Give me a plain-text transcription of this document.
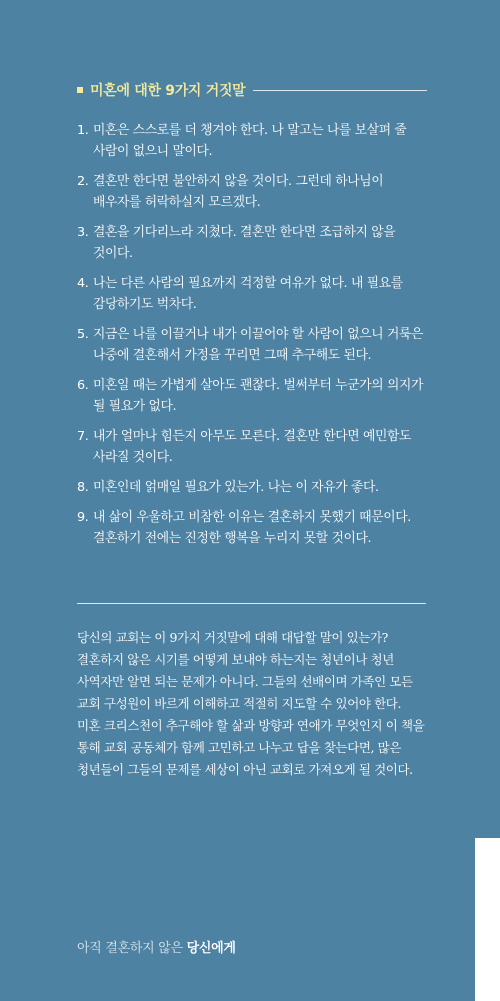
미혼에 대한 9가지 거짓말
1. 미혼은 스스로를 더 챙겨야 한다. 나 말고는 나를 보살펴 줄 사람이 없으니 말이다.
2. 결혼만 한다면 불안하지 않을 것이다. 그런데 하나님이 배우자를 허락하실지 모르겠다.
3. 결혼을 기다리느라 지쳤다. 결혼만 한다면 조급하지 않을 것이다.
4. 나는 다른 사람의 필요까지 걱정할 여유가 없다. 내 필요를 감당하기도 벅차다.
5. 지금은 나를 이끌거나 내가 이끌어야 할 사람이 없으니 거룩은 나중에 결혼해서 가정을 꾸리면 그때 추구해도 된다.
6. 미혼일 때는 가볍게 살아도 괜찮다. 벌써부터 누군가의 의지가 될 필요가 없다.
7. 내가 얼마나 힘든지 아무도 모른다. 결혼만 한다면 예민함도 사라질 것이다.
8. 미혼인데 얽매일 필요가 있는가. 나는 이 자유가 좋다.
9. 내 삶이 우울하고 비참한 이유는 결혼하지 못했기 때문이다. 결혼하기 전에는 진정한 행복을 누리지 못할 것이다.

당신의 교회는 이 9가지 거짓말에 대해 대답할 말이 있는가? 결혼하지 않은 시기를 어떻게 보내야 하는지는 청년이나 청년 사역자만 알면 되는 문제가 아니다. 그들의 선배이며 가족인 모든 교회 구성원이 바르게 이해하고 적절히 지도할 수 있어야 한다.

미혼 크리스천이 추구해야 할 삶과 방향과 연애가 무엇인지 이 책을 통해 교회 공동체가 함께 고민하고 나누고 답을 찾는다면, 많은 청년들이 그들의 문제를 세상이 아닌 교회로 가져오게 될 것이다.

아직 결혼하지 않은 당신에게
